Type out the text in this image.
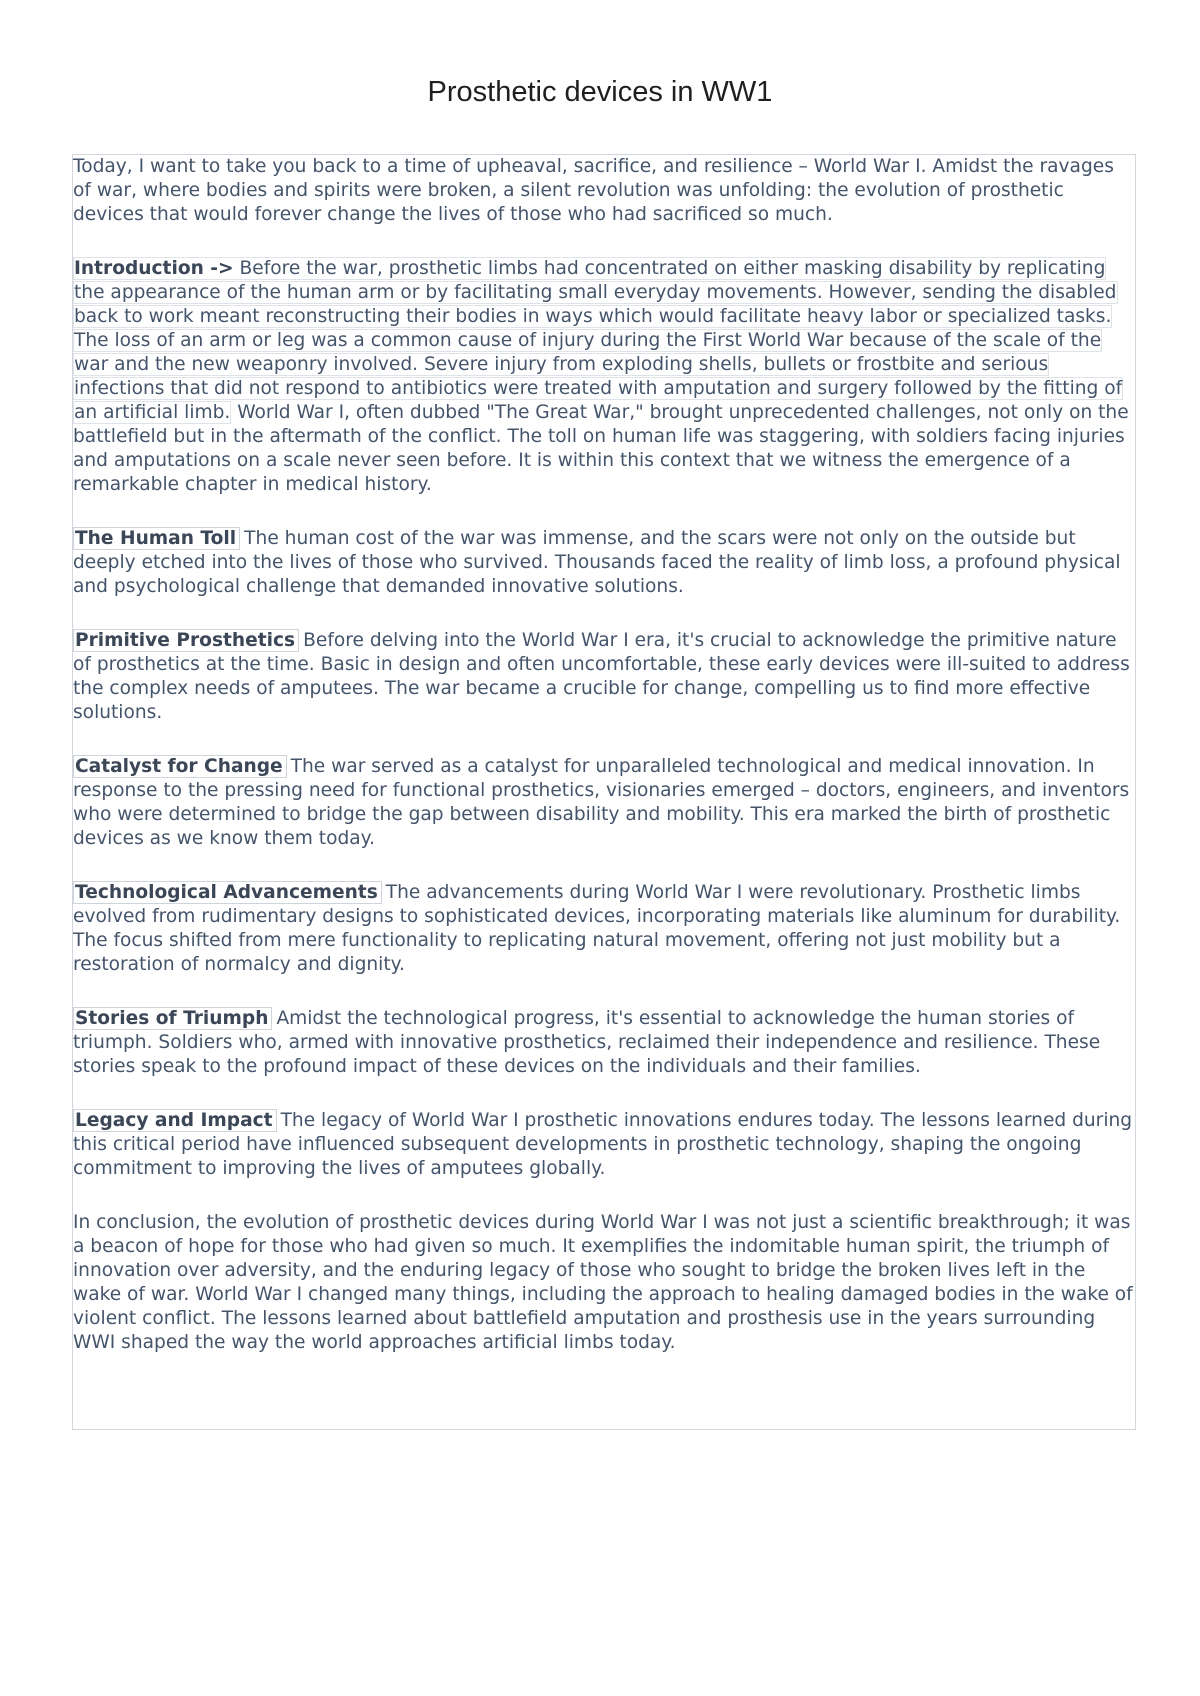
Prosthetic devices in WW1

Today, I want to take you back to a time of upheaval, sacrifice, and resilience – World War I. Amidst the ravages of war, where bodies and spirits were broken, a silent revolution was unfolding: the evolution of prosthetic devices that would forever change the lives of those who had sacrificed so much.

Introduction -> Before the war, prosthetic limbs had concentrated on either masking disability by replicating the appearance of the human arm or by facilitating small everyday movements. However, sending the disabled back to work meant reconstructing their bodies in ways which would facilitate heavy labor or specialized tasks. The loss of an arm or leg was a common cause of injury during the First World War because of the scale of the war and the new weaponry involved. Severe injury from exploding shells, bullets or frostbite and serious infections that did not respond to antibiotics were treated with amputation and surgery followed by the fitting of an artificial limb. World War I, often dubbed "The Great War," brought unprecedented challenges, not only on the battlefield but in the aftermath of the conflict. The toll on human life was staggering, with soldiers facing injuries and amputations on a scale never seen before. It is within this context that we witness the emergence of a remarkable chapter in medical history.

The Human Toll The human cost of the war was immense, and the scars were not only on the outside but deeply etched into the lives of those who survived. Thousands faced the reality of limb loss, a profound physical and psychological challenge that demanded innovative solutions.

Primitive Prosthetics Before delving into the World War I era, it's crucial to acknowledge the primitive nature of prosthetics at the time. Basic in design and often uncomfortable, these early devices were ill-suited to address the complex needs of amputees. The war became a crucible for change, compelling us to find more effective solutions.

Catalyst for Change The war served as a catalyst for unparalleled technological and medical innovation. In response to the pressing need for functional prosthetics, visionaries emerged – doctors, engineers, and inventors who were determined to bridge the gap between disability and mobility. This era marked the birth of prosthetic devices as we know them today.

Technological Advancements The advancements during World War I were revolutionary. Prosthetic limbs evolved from rudimentary designs to sophisticated devices, incorporating materials like aluminum for durability. The focus shifted from mere functionality to replicating natural movement, offering not just mobility but a restoration of normalcy and dignity.

Stories of Triumph Amidst the technological progress, it's essential to acknowledge the human stories of triumph. Soldiers who, armed with innovative prosthetics, reclaimed their independence and resilience. These stories speak to the profound impact of these devices on the individuals and their families.

Legacy and Impact The legacy of World War I prosthetic innovations endures today. The lessons learned during this critical period have influenced subsequent developments in prosthetic technology, shaping the ongoing commitment to improving the lives of amputees globally.

In conclusion, the evolution of prosthetic devices during World War I was not just a scientific breakthrough; it was a beacon of hope for those who had given so much. It exemplifies the indomitable human spirit, the triumph of innovation over adversity, and the enduring legacy of those who sought to bridge the broken lives left in the wake of war. World War I changed many things, including the approach to healing damaged bodies in the wake of violent conflict. The lessons learned about battlefield amputation and prosthesis use in the years surrounding WWI shaped the way the world approaches artificial limbs today.
